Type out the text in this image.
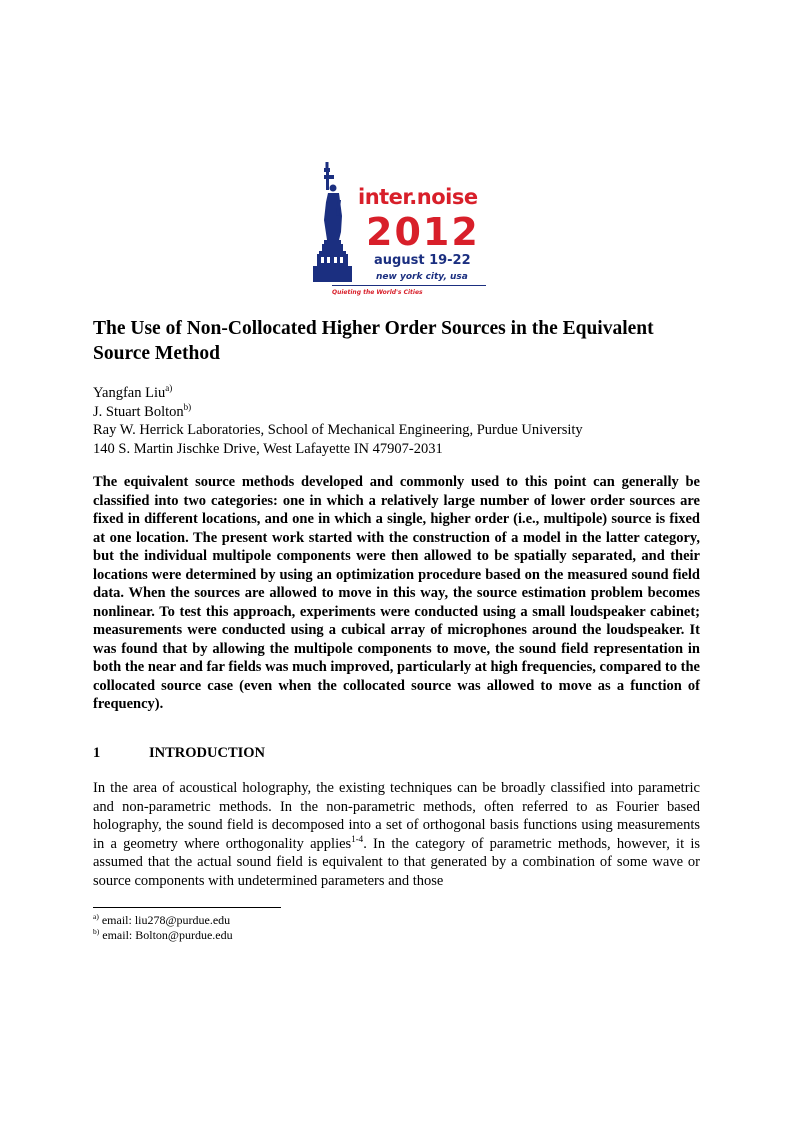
inter.noise
2012
august 19-22
new york city, usa
Quieting the World's Cities
The Use of Non-Collocated Higher Order Sources in the Equivalent Source Method

Yangfan Liu$^{a)}$

J. Stuart Bolton$^{b)}$

Ray W. Herrick Laboratories, School of Mechanical Engineering, Purdue University

140 S. Martin Jischke Drive, West Lafayette IN 47907-2031

The equivalent source methods developed and commonly used to this point can generally be classified into two categories: one in which a relatively large number of lower order sources are fixed in different locations, and one in which a single, higher order (i.e., multipole) source is fixed at one location. The present work started with the construction of a model in the latter category, but the individual multipole components were then allowed to be spatially separated, and their locations were determined by using an optimization procedure based on the measured sound field data. When the sources are allowed to move in this way, the source estimation problem becomes nonlinear. To test this approach, experiments were conducted using a small loudspeaker cabinet; measurements were conducted using a cubical array of microphones around the loudspeaker. It was found that by allowing the multipole components to move, the sound field representation in both the near and far fields was much improved, particularly at high frequencies, compared to the collocated source case (even when the collocated source was allowed to move as a function of frequency).

1	INTRODUCTION

In the area of acoustical holography, the existing techniques can be broadly classified into parametric and non-parametric methods. In the non-parametric methods, often referred to as Fourier based holography, the sound field is decomposed into a set of orthogonal basis functions using measurements in a geometry where orthogonality applies$^{1-4}$. In the category of parametric methods, however, it is assumed that the actual sound field is equivalent to that generated by a combination of some wave or source components with undetermined parameters and those

$^{a)}$ email: liu278@purdue.edu

$^{b)}$ email: Bolton@purdue.edu
